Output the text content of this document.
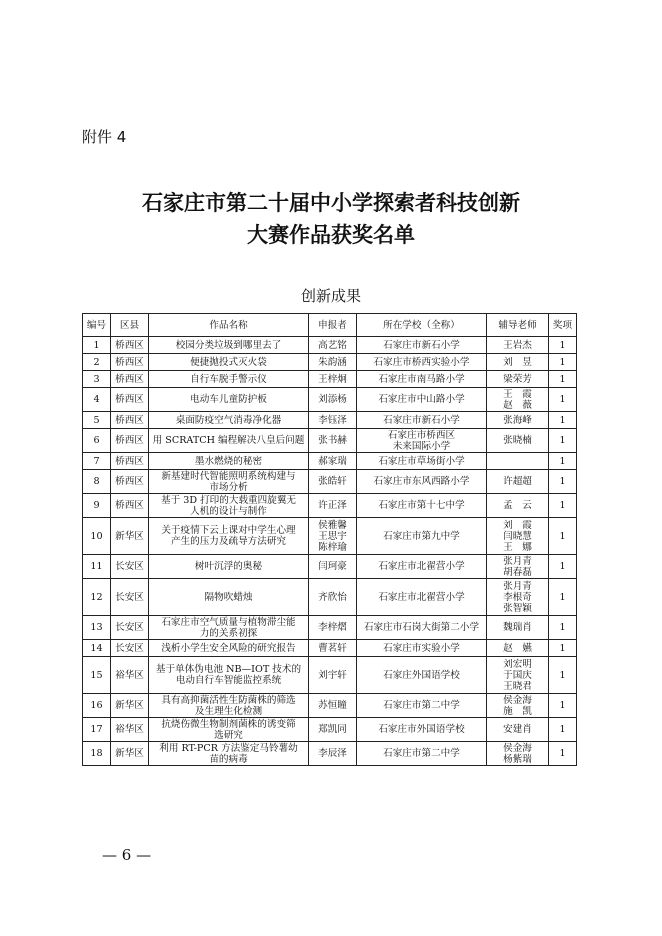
附件 4
石家庄市第二十届中小学探索者科技创新
大赛作品获奖名单
创新成果
编号	区县	作品名称	申报者	所在学校（全称）	辅导老师	奖项
1	桥西区	校园分类垃圾到哪里去了	高艺铭	石家庄市新石小学	王岩杰	1
2	桥西区	便捷抛投式灭火袋	朱韵涵	石家庄市桥西实验小学	刘　昱	1
3	桥西区	自行车脱手警示仪	王梓炯	石家庄市南马路小学	梁荣芳	1
4	桥西区	电动车儿童防护板	刘添杨	石家庄市中山路小学	王　霞
赵　薇	1
5	桥西区	桌面防疫空气消毒净化器	李钰泽	石家庄市新石小学	张海峰	1
6	桥西区	用 SCRATCH 编程解决八皇后问题	张书赫	石家庄市桥西区
未来国际小学	张晓楠	1
7	桥西区	墨水燃烧的秘密	郝家瑞	石家庄市草场街小学		1
8	桥西区	新基建时代智能照明系统构建与
市场分析	张皓轩	石家庄市东风西路小学	许超超	1
9	桥西区	基于 3D 打印的大载重四旋翼无
人机的设计与制作	许正泽	石家庄市第十七中学	孟　云	1
10	新华区	关于疫情下云上课对中学生心理
产生的压力及疏导方法研究	侯雅馨
王思宇
陈梓瑜	石家庄市第九中学	刘　霞
闫晓慧
王　娜	1
11	长安区	树叶沉浮的奥秘	闫珂豪	石家庄市北翟营小学	张月青
胡春磊	1
12	长安区	隔物吹蜡烛	齐欣怡	石家庄市北翟营小学	张月青
李根奇
张智颖	1
13	长安区	石家庄市空气质量与植物滞尘能
力的关系初探	李梓熠	石家庄市石岗大街第二小学	魏瑞肖	1
14	长安区	浅析小学生安全风险的研究报告	曹茗轩	石家庄市实验小学	赵　嬿	1
15	裕华区	基于单体伪电池 NB—IOT 技术的
电动自行车智能监控系统	刘宇轩	石家庄外国语学校	刘宏明
于国庆
王晓君	1
16	新华区	具有高抑菌活性生防菌株的筛选
及生理生化检测	苏恒瞳	石家庄市第二中学	侯金海
施　凯	1
17	裕华区	抗烧伤微生物制剂菌株的诱变筛
选研究	郑凯同	石家庄市外国语学校	安建肖	1
18	新华区	利用 RT-PCR 方法鉴定马铃薯幼
苗的病毒	李辰泽	石家庄市第二中学	侯金海
杨紫瑞	1
— 6 —
